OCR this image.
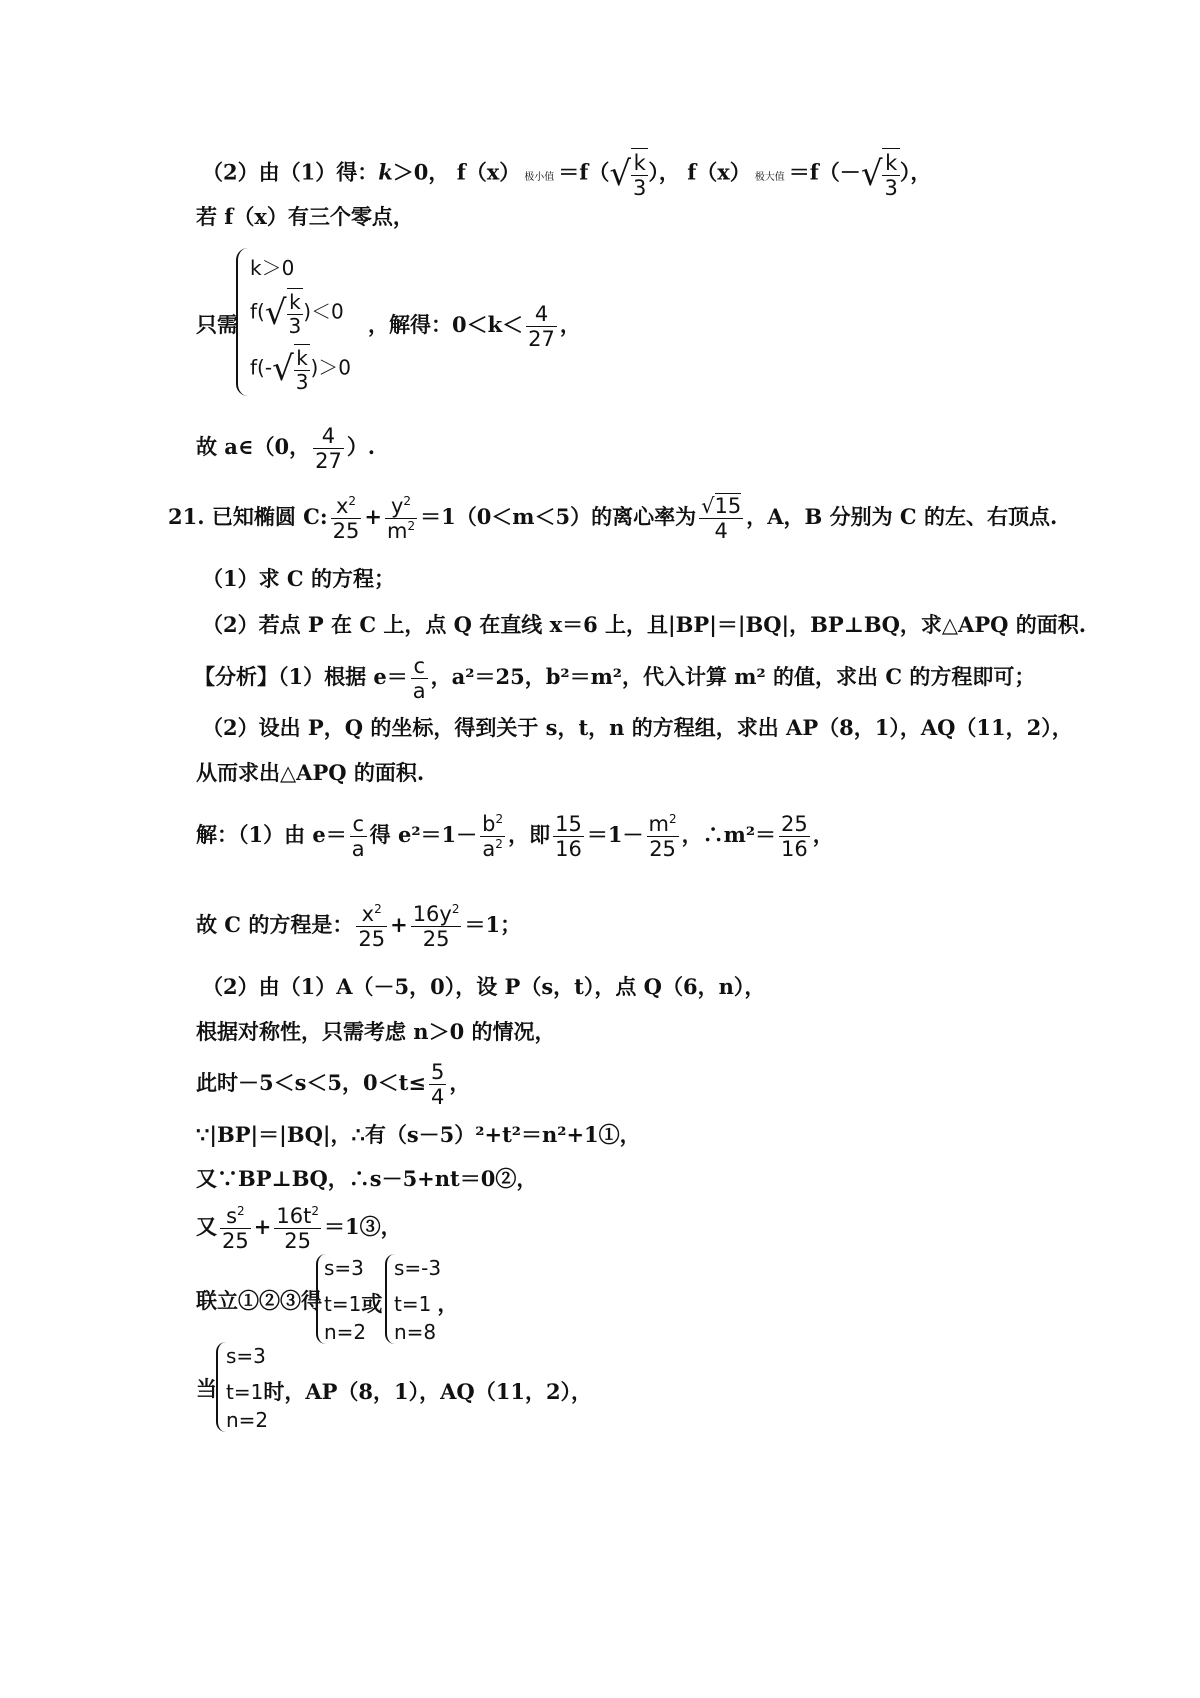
（2）由（1）得：k＞0， f（x） 极小值 $=f(√ \frac{k}{3}$ ）， f（x） 极大值 $=f(-√ \frac{k}{3}$ ），
若 f（x）有三个零点，
只需
k＞0
$f(√ \frac{k}{3} )<0$
$f(-√ \frac{k}{3} )>0$
，解得：$0<k< \frac{4}{27}$ ，
故 a∈（0， $\frac{4}{27}$ ）.
21. 已知椭圆 C: $\frac{x^2}{25} + \frac{y^2}{m^2} =1(0<m<5)$的离心率为 $\frac{√15}{4}$ ，A，B 分别为 C 的左、右顶点.
（1）求 C 的方程；
（2）若点 P 在 C 上，点 Q 在直线 x＝6 上，且|BP|＝|BQ|，BP⊥BQ，求△APQ 的面积.
【分析】（1）根据 $e= \frac{c}{a}$ ，a²＝25，b²＝m²，代入计算 m² 的值，求出 C 的方程即可；
（2）设出 P，Q 的坐标，得到关于 s，t，n 的方程组，求出 AP（8，1），AQ（11，2），
从而求出△APQ 的面积.
解：（1）由 $e= \frac{c}{a}$ 得 $e^2=1- \frac{b^2}{a^2}$ ，即 $\frac{15}{16} =1- \frac{m^2}{25}$ ，∴m²＝ $\frac{25}{16}$ ，
故 C 的方程是： $\frac{x^2}{25} + \frac{16y^2}{25} =1$；
（2）由（1）A（－5，0），设 P（s，t），点 Q（6，n），
根据对称性，只需考虑 n＞0 的情况，
此时－5＜s＜5，$0<t\le \frac{5}{4}$ ，
∵|BP|＝|BQ|，∴有（s－5）²+t²＝n²+1①，
又∵BP⊥BQ，∴s－5+nt＝0②，
又 $\frac{s^2}{25} + \frac{16t^2}{25}$ ＝1③，
联立①②③得
s=3
t=1或
n=2
s=-3
t=1 ，
n=8
当
s=3
t=1时，AP（8，1），AQ（11，2），
n=2
